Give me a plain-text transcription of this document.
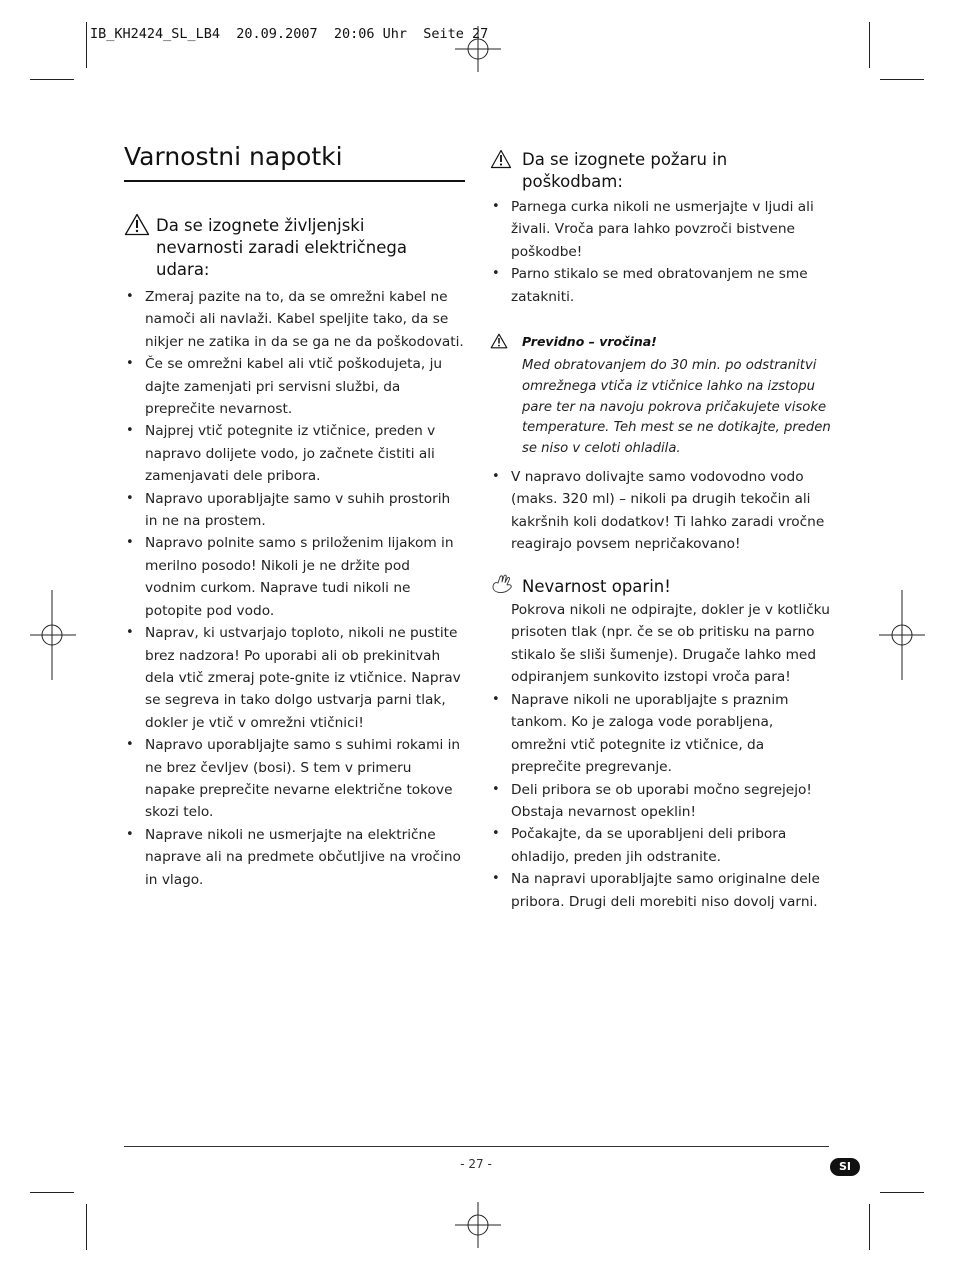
IB_KH2424_SL_LB4  20.09.2007  20:06 Uhr  Seite 27
Varnostni napotki
Da se izognete življenjski
nevarnosti zaradi električnega
udara:
• Zmeraj pazite na to, da se omrežni kabel ne namoči ali navlaži. Kabel speljite tako, da se nikjer ne zatika in da se ga ne da poškodovati.
• Če se omrežni kabel ali vtič poškodujeta, ju dajte zamenjati pri servisni službi, da preprečite nevarnost.
• Najprej vtič potegnite iz vtičnice, preden v napravo dolijete vodo, jo začnete čistiti ali zamenjavati dele pribora.
• Napravo uporabljajte samo v suhih prostorih in ne na prostem.
• Napravo polnite samo s priloženim lijakom in merilno posodo! Nikoli je ne držite pod vodnim curkom. Naprave tudi nikoli ne potopite pod vodo.
• Naprav, ki ustvarjajo toploto, nikoli ne pustite brez nadzora! Po uporabi ali ob prekinitvah dela vtič zmeraj pote-gnite iz vtičnice. Naprav se segreva in tako dolgo ustvarja parni tlak, dokler je vtič v omrežni vtičnici!
• Napravo uporabljajte samo s suhimi rokami in ne brez čevljev (bosi). S tem v primeru napake preprečite nevarne električne tokove skozi telo.
• Naprave nikoli ne usmerjajte na električne naprave ali na predmete občutljive na vročino in vlago.
Da se izognete požaru in
poškodbam:
• Parnega curka nikoli ne usmerjajte v ljudi ali živali. Vroča para lahko povzroči bistvene poškodbe!
• Parno stikalo se med obratovanjem ne sme zatakniti.
Previdno – vročina!

Med obratovanjem do 30 min. po odstranitvi omrežnega vtiča iz vtičnice lahko na izstopu pare ter na navoju pokrova pričakujete visoke temperature. Teh mest se ne dotikajte, preden se niso v celoti ohladila.

• V napravo dolivajte samo vodovodno vodo (maks. 320 ml) – nikoli pa drugih tekočin ali kakršnih koli dodatkov! Ti lahko zaradi vročnе reagirajo povsem nepričakovano!
Nevarnost oparin!

Pokrova nikoli ne odpirajte, dokler je v kotličku prisoten tlak (npr. če se ob pritisku na parno stikalo še sliši šumenje). Drugače lahko med odpiranjem sunkovito izstopi vroča para!

• Naprave nikoli ne uporabljajte s praznim tankom. Ko je zaloga vode porabljena, omrežni vtič potegnite iz vtičnice, da preprečite pregrevanje.
• Deli pribora se ob uporabi močno segrejejo! Obstaja nevarnost opeklin!
• Počakajte, da se uporabljeni deli pribora ohladijo, preden jih odstranite.
• Na napravi uporabljajte samo originalne dele pribora. Drugi deli morebiti niso dovolj varni.
- 27 -	SI
